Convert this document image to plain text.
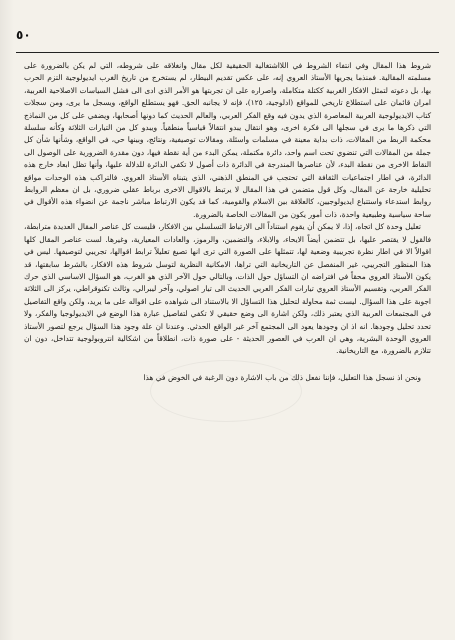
٥٠

شروط هذا المقال وفي انتفاء الشروط في اللااشتغالية الحقيقية لكل مقال وانغلاقه على شروطه، التي لم يكن بالضرورة على مسلمته المقالية. فمنذما يجريها الأستاذ العروي إنه، على عكس تقديم البيطار، لم يستخرج من تاريخ الغرب ايديولوجية التزم الحرب بها، بل دعوته لتمثل الافكار الغربية ككتلة متكاملة، واصراره على ان تجربتها هو الأمر الذي ادى الى فشل السياسات الاصلاحية العربية، امران قائمان على استطلاع تاريخي للمواقع (ادلوجية، ١٢٥)، فإنه لا يجانبه الحق. فهو يستطلع الواقع، ويسجل ما يرى، ومن سجلات كتاب الايديولوجية العربية المعاصرة الذي يدون فيه وقع الفكر العربي، والعالم الحديث كما دونها أصحابها، ويضفي على كل من النماذج التي ذكرها ما يرى في سجلها الى فكرة اخرى، وهو انتقال يبدو انتقالاً قياسياً منطقياً. ويبدو كل من التيارات الثلاثة وكأنه سلسلة محكمة الربط من المقالات، ذات بداية معينة في مسلمات واسئلة، ومقالات توصيفية، ونتائج، وبينها حي، في الواقع، وشأنها شأن كل جملة من المقالات التي تنضوي تحت اسم واحد، دائرة مكتملة، يمكن البدء من أية نقطة فيها، دون مقدرة الضرورية على الوصول الى النقاط الاخرى من نقطة البدء، لأن عناصرها المندرجة في الدائرة ذات أصول لا تكفي الدائرة للدلالة عليها، وأنها تظل ابعاد خارج هذه الدائرة، في اطار اجتماعيات الثقافة التي تحتجب في المنطق الذهني، الذي يتبناه الأستاذ العروي. فالتراكب هذه الوحدات مواقع تحليلية خارجة عن المقال، وكل قول متضمن في هذا المقال لا يرتبط بالاقوال الاخرى برباط عقلي ضروري، بل ان معظم الروابط روابط استدعاء واستتباع ايديولوجيين، كالعلاقة بين الاسلام والقومية، كما قد يكون الارتباط مباشر ناجمة عن انضواء هذه الأقوال في ساحة سياسية وطبيعية واحدة، ذات أمور يكون من المقالات الخاصة بالضرورة.

تعليل وحدة كل اتجاه، إذا، لا يمكن أن يقوم استناداً الى الارتباط التسلسلي بين الافكار، فليست كل عناصر المقال العديدة مترابطة، فالقول لا يقتصر عليها، بل تتضمن أيضاً الايحاء، والابلاء، والتضمين، والرموز، والعادات المعيارية، وغيرها. لست عناصر المقال كلها اقوالاً الا في اطار نظرة تجريبية وضعية لها، تتمثلها على الصورة التي ترى انها تصيغ تعليلاً ترابط اقوالها، تجريبي لتوصيفها. ليس في هذا المنظور التجريبي، غير المنفصل عن التاريخانية التي تراها، الامكانية النظرية لتوسل شروط هذه الافكار، بالشرط سابقتها، قد يكون الأستاذ العروي محقاً في افتراضه ان التساؤل حول الذات، وبالتالي حول الآخر الذي هو الغرب، هو السؤال الاساسي الذي حرك الفكر العربي، وتقسيم الأستاذ العروي تيارات الفكر العربي الحديث الى تيار اصولي، وآخر ليبرالي، وثالث تكنوقراطي، يركز الى الثلاثة اجوبة على هذا السؤال. ليست ثمة محاولة لتحليل هذا التساؤل الا بالاستناد الى شواهده على اقواله على ما يريد، ولكن واقع التفاصيل في المجتمعات العربية الذي يعتبر ذلك، ولكن اشارة الى وضع حقيقي لا تكفي لتفاصيل عبارة هذا الوضع في الايديولوجيا والفكر، ولا تحدد تحليل وجودها. انه اذ ان وجودها يعود الى المجتمع آخر غير الواقع الحدثي. وعندنا ان علة وجود هذا السؤال يرجع لتصور الأستاذ العروي الوحدة البشرية، وهي ان العرب في العصور الحديثة - على صورة ذات، انطلاقاً من اشكالية انتروبولوجية تتداخل، دون ان تتلازم بالضرورة، مع التاريخانية.

ونحن اذ نسجل هذا التعليل، فإننا نفعل ذلك من باب الاشارة دون الرغبة في الخوض في هذا
